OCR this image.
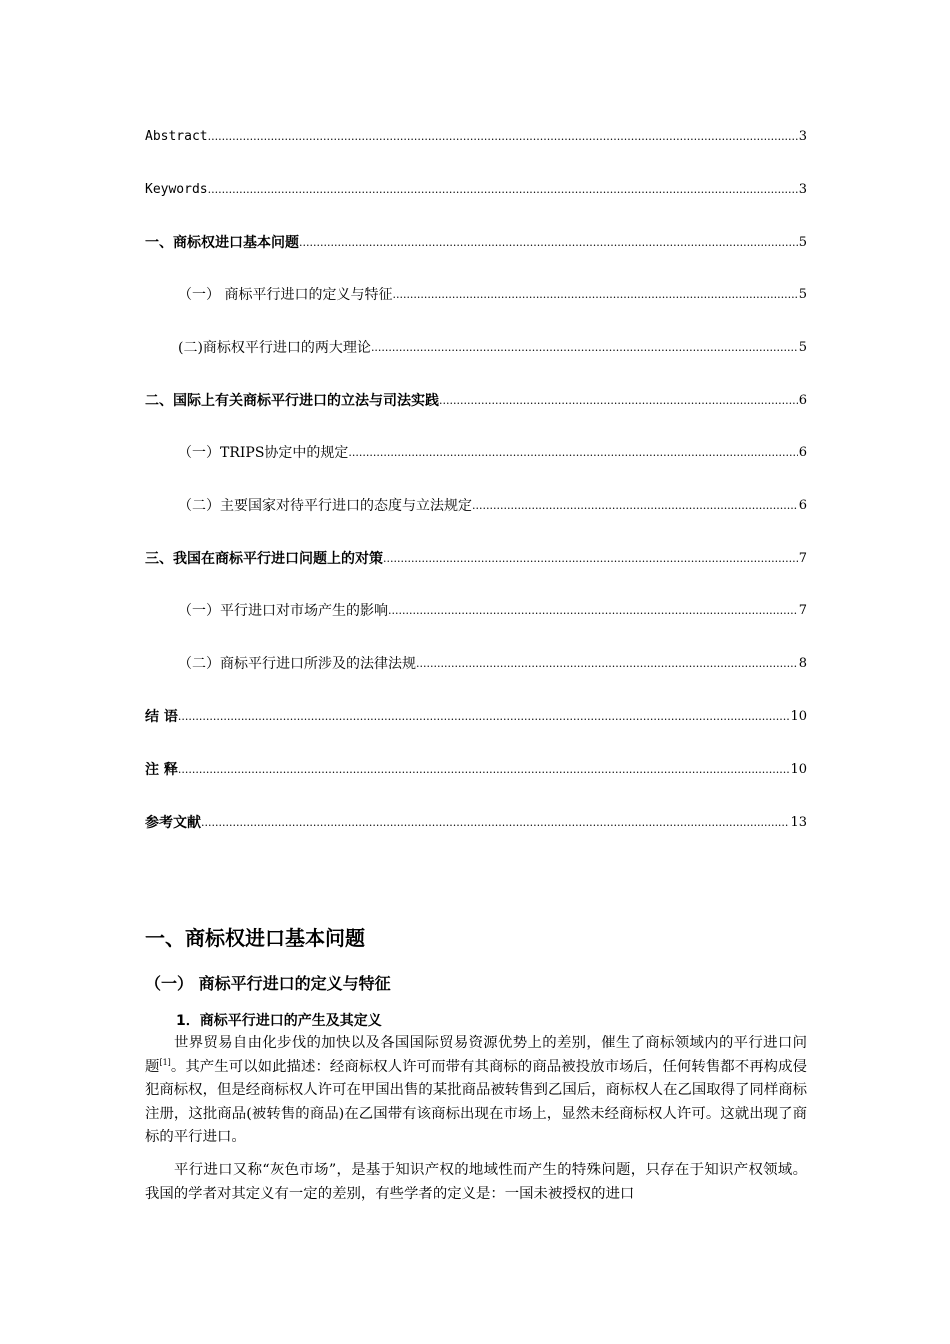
Abstract .....	3
Keywords .....	3
一、商标权进口基本问题 .....	5
（一） 商标平行进口的定义与特征 .....	5
(二)商标权平行进口的两大理论 .....	5
二、国际上有关商标平行进口的立法与司法实践 .....	6
（一）TRIPS协定中的规定 .....	6
（二）主要国家对待平行进口的态度与立法规定 .....	6
三、我国在商标平行进口问题上的对策 .....	7
（一）平行进口对市场产生的影响 .....	7
（二）商标平行进口所涉及的法律法规 .....	8
结 语 .....	10
注 释 .....	10
参考文献 .....	13
一、商标权进口基本问题
（一） 商标平行进口的定义与特征
1．商标平行进口的产生及其定义

世界贸易自由化步伐的加快以及各国国际贸易资源优势上的差别，催生了商标领域内的平行进口问题[1]。其产生可以如此描述：经商标权人许可而带有其商标的商品被投放市场后，任何转售都不再构成侵犯商标权，但是经商标权人许可在甲国出售的某批商品被转售到乙国后，商标权人在乙国取得了同样商标注册，这批商品(被转售的商品)在乙国带有该商标出现在市场上，显然未经商标权人许可。这就出现了商标的平行进口。

平行进口又称“灰色市场”，是基于知识产权的地域性而产生的特殊问题，只存在于知识产权领域。我国的学者对其定义有一定的差别，有些学者的定义是：一国未被授权的进口
